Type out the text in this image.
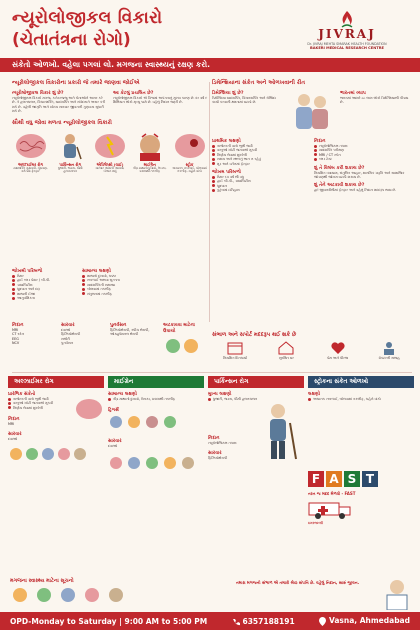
ન્યૂરોલોજીકલ વિકારો
(ચેતાતંત્રના રોગો)	JIVRAJ
Dr. JIVRAJ MEHTA SMARAK HEALTH FOUNDATION
BAKERI MEDICAL RESEARCH CENTRE
સંકેતો ઓળખો. વહેલા પગલાં લો. મગજના સ્વાસ્થ્યનું રક્ષણ કરો.
ન્યૂરોલોજીકલ વિકારોના પ્રકારો જે તમારે જાણવા જોઈએ
ન્યૂરોલોજીકલ વિકાર શું છે?
ન્યૂરોલોજીકલ વિકારો મગજ, કરોડરજ્જુ અને ચેતાઓને અસર કરે છે. તે હલનચલન, વિચારશક્તિ, યાદશક્તિ અને સંવેદનાને અસર કરી શકે છે. વહેલી જાગૃતિ અને યોગ્ય સારવાર જીવનની ગુણવત્તા સુધારી શકે છે.
આ કેટલું પ્રચલિત છે?
ન્યૂરોલોજીકલ વિકારો એ વિશ્વમાં અપંગતાનું મુખ્ય કારણ છે. દર વર્ષે ૯ મિલિયન લોકો મૃત્યુ પામે છે. વહેલું નિદાન જરૂરી છે.
સૌથી વધુ જોવા મળતા ન્યૂરોલોજીકલ વિકારો
અલ્ઝાઈમર રોગ
યાદશક્તિ ગુમાવવી, ગૂંચવણ, વર્તનમાં ફેરફાર
પાર્કિન્સન રોગ
ધ્રુજારી, જડતા, ધીમી હલનચલન
એપિલેપ્સી (વાઈ)
વારંવાર આંચકી આવવી, બેભાન થવું
માઈગ્રેન
તીવ્ર માથાનો દુખાવો, ઉબકા, પ્રકાશથી તકલીફ
સ્ટ્રોક
અચાનક નબળાઈ, બોલવામાં તકલીફ, ચહેરો વાંકો
ડિમેન્શિયાના સંકેત અને ઓળખવાની રીત
ડિમેન્શિયા શું છે?
ડિમેન્શિયા યાદશક્તિ, વિચારશક્તિ અને રોજિંદા કાર્યો કરવાની ક્ષમતામાં ઘટાડો છે.
ભારતમાં વ્યાપ
ભારતમાં આશરે ૮૮ લાખ લોકો ડિમેન્શિયાથી પીડાય છે.
પ્રાથમિક લક્ષણો
તાજેતરની વાતો ભૂલી જવી
વસ્તુઓ ખોટી જગ્યાએ મૂકવી
નિર્ણય લેવામાં મુશ્કેલી
સમય અને સ્થળનું ભાન ન રહેવું
મૂડ અને વર્તનમાં ફેરફાર
જોખમ પરિબળો
ઉંમર ૬૫ વર્ષ થી વધુ
હાઈ બી.પી., ડાયાબિટીસ
ધૂમ્રપાન
કુટુંબમાં ઇતિહાસ
નિદાન
ન્યૂરોલોજિકલ તપાસ
યાદશક્તિ પરીક્ષણ
MRI / CT સ્કેન
બ્લડ ટેસ્ટ
શું તે વિલંબ કરી શકાય છે?
નિયમિત વ્યાયામ, સંતુલિત આહાર, માનસિક પ્રવૃત્તિ અને સામાજિક જોડાણથી જોખમ ઘટાડી શકાય છે.
શું તેને અટકાવી શકાય છે?
હા! જીવનશૈલીમાં ફેરફાર અને વહેલું નિદાન મદદરૂપ થાય છે.
જોખમી પરિબળો
ઉંમર
હાઈ બ્લડ પ્રેશર / બી.પી.
ડાયાબિટીસ
ધૂમ્રપાન અને દારૂ
માથાની ઈજા
આનુવંશિકતા
સામાન્ય લક્ષણો
માથાનો દુખાવો, ચક્કર
નબળાઈ અથવા સુન્નતા
યાદશક્તિની સમસ્યા
બોલવામાં તકલીફ
સંતુલનમાં તકલીફ
નિદાન
MRI
CT સ્કેન
EEG
NCV
સારવાર
દવાઓ
ફિઝિયોથેરાપી
સર્જરી
પુનર્વસન
પુનર્વસન
ફિઝિયોથેરાપી, સ્પીચ થેરાપી, ઓક્યુપેશનલ થેરાપી
અટકાવવા માટેના ઉપાયો
સંભાળ અને સપોર્ટ મદદરૂપ થઈ શકે છે
નિયમિત દિનચર્યા	સુરક્ષિત ઘર	પ્રેમ અને ધીરજ	ડૉક્ટરની સલાહ
અલ્ઝાઈમર રોગ
પ્રારંભિક સંકેતો
તાજેતરની વાતો ભૂલી જવી
વસ્તુઓ ખોટી જગ્યાએ મૂકવી
નિર્ણય લેવામાં મુશ્કેલી
નિદાન
MRI
સારવાર
દવાઓ
માઈગ્રેન
સામાન્ય લક્ષણો
તીવ્ર માથાનો દુખાવો, ઉબકા, પ્રકાશથી તકલીફ
ટ્રિગર્સ
સારવાર
દવાઓ
પાર્કિન્સન રોગ
મુખ્ય લક્ષણો
ધ્રુજારી, જડતા, ધીમી હલનચલન
નિદાન
ન્યૂરોલોજિકલ તપાસ
સારવાર
ફિઝિયોથેરાપી
સ્ટ્રોકના સંકેત ઓળખો
લક્ષણો
અચાનક નબળાઈ, બોલવામાં તકલીફ, ચહેરો વાંકો
F A S T
તરત જ મદદ મેળવો - FAST
ઇમરજન્સી
મગજના સ્વાસ્થ્ય માટેના સૂચનો	તમારા મગજની સંભાળ એ તમારી શ્રેષ્ઠ સંપત્તિ છે. વહેલું નિદાન, સારું જીવન.
OPD-Monday to Saturday | 9:00 AM to 5:00 PM	6357188191	Vasna, Ahmedabad
